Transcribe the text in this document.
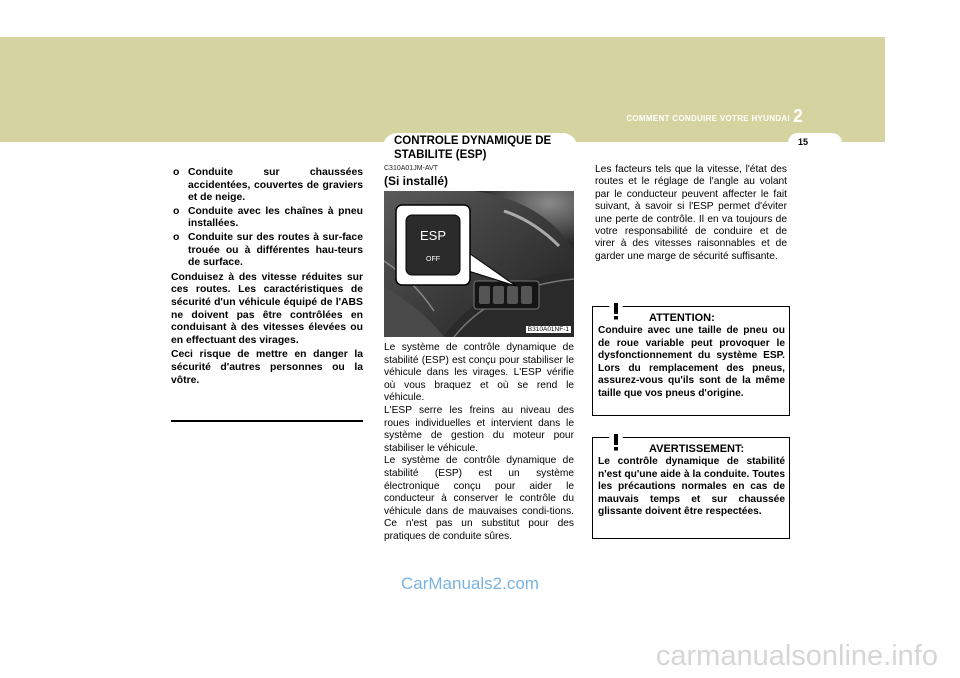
COMMENT CONDUIRE VOTRE HYUNDAI 2
15
o Conduite sur chaussées accidentées, couvertes de graviers et de neige.
o Conduite avec les chaînes à pneu installées.
o Conduite sur des routes à sur-face trouée ou à différentes hau-teurs de surface.
Conduisez à des vitesse réduites sur ces routes. Les caractéristiques de sécurité d'un véhicule équipé de l'ABS ne doivent pas être contrôlées en conduisant à des vitesses élevées ou en effectuant des virages.
Ceci risque de mettre en danger la sécurité d'autres personnes ou la vôtre.
CONTROLE DYNAMIQUE DE STABILITE (ESP)
C310A01JM-AVT
(Si installé)
ESP
OFF
B310A01NF-1

Le système de contrôle dynamique de stabilité (ESP) est conçu pour stabiliser le véhicule dans les virages. L'ESP vérifie où vous braquez et où se rend le véhicule.

L'ESP serre les freins au niveau des roues individuelles et intervient dans le système de gestion du moteur pour stabiliser le véhicule.

Le système de contrôle dynamique de stabilité (ESP) est un système électronique conçu pour aider le conducteur à conserver le contrôle du véhicule dans de mauvaises condi-tions. Ce n'est pas un substitut pour des pratiques de conduite sûres.

Les facteurs tels que la vitesse, l'état des routes et le réglage de l'angle au volant par le conducteur peuvent affecter le fait suivant, à savoir si l'ESP permet d'éviter une perte de contrôle. Il en va toujours de votre responsabilité de conduire et de virer à des vitesses raisonnables et de garder une marge de sécurité suffisante.

ATTENTION:
Conduire avec une taille de pneu ou de roue variable peut provoquer le dysfonctionnement du système ESP. Lors du remplacement des pneus, assurez-vous qu'ils sont de la même taille que vos pneus d'origine.
AVERTISSEMENT:
Le contrôle dynamique de stabilité n'est qu'une aide à la conduite. Toutes les précautions normales en cas de mauvais temps et sur chaussée glissante doivent être respectées.
CarManuals2.com
carmanualsonline.info
